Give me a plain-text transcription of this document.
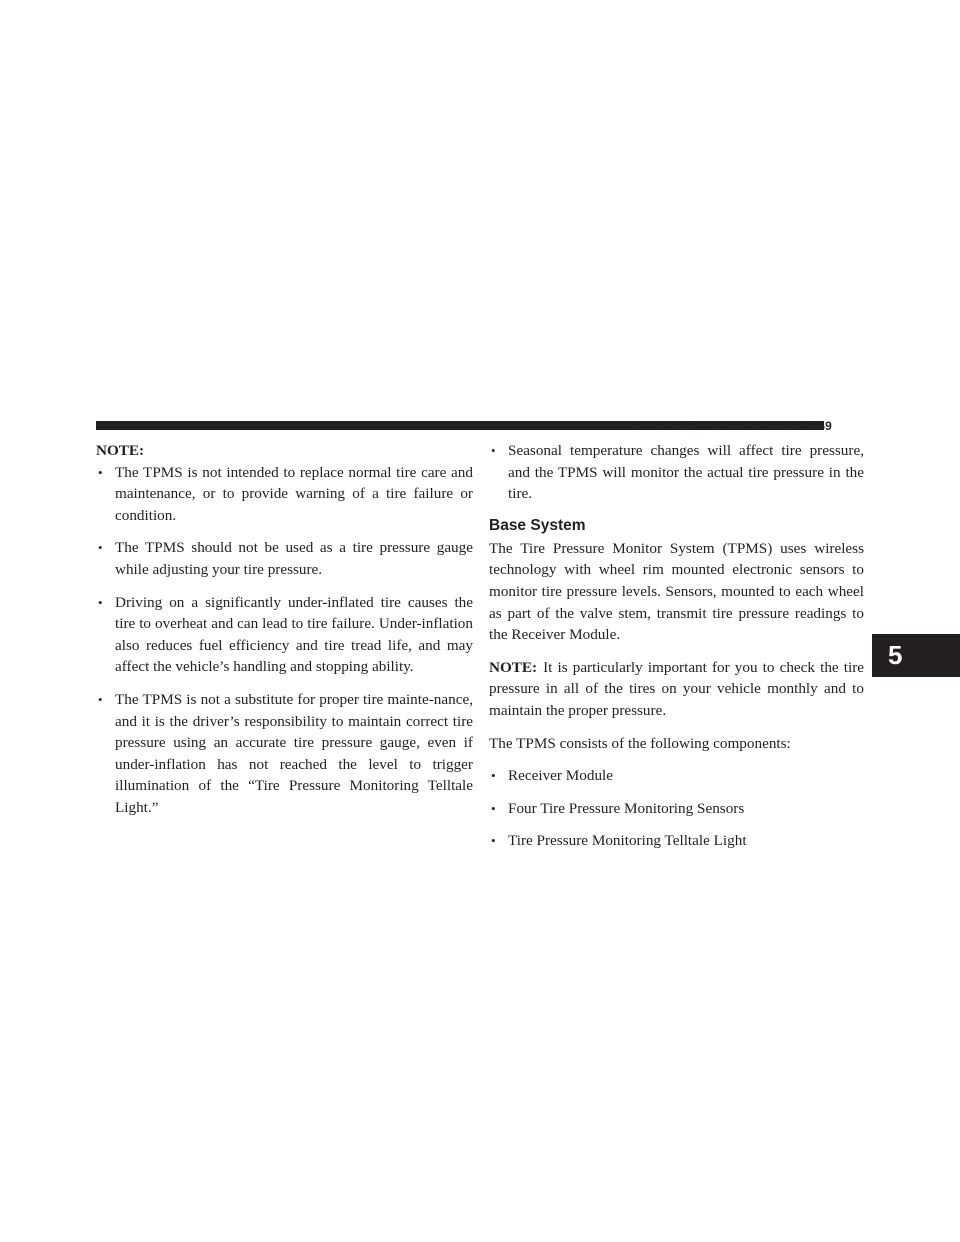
STARTING AND OPERATING 359

NOTE:

• The TPMS is not intended to replace normal tire care and maintenance, or to provide warning of a tire failure or condition.
• The TPMS should not be used as a tire pressure gauge while adjusting your tire pressure.
• Driving on a significantly under-inflated tire causes the tire to overheat and can lead to tire failure. Under-inflation also reduces fuel efficiency and tire tread life, and may affect the vehicle’s handling and stopping ability.
• The TPMS is not a substitute for proper tire mainte-nance, and it is the driver’s responsibility to maintain correct tire pressure using an accurate tire pressure gauge, even if under-inflation has not reached the level to trigger illumination of the “Tire Pressure Monitoring Telltale Light.”
• Seasonal temperature changes will affect tire pressure, and the TPMS will monitor the actual tire pressure in the tire.
Base System

The Tire Pressure Monitor System (TPMS) uses wireless technology with wheel rim mounted electronic sensors to monitor tire pressure levels. Sensors, mounted to each wheel as part of the valve stem, transmit tire pressure readings to the Receiver Module.

NOTE: It is particularly important for you to check the tire pressure in all of the tires on your vehicle monthly and to maintain the proper pressure.

The TPMS consists of the following components:

• Receiver Module
• Four Tire Pressure Monitoring Sensors
• Tire Pressure Monitoring Telltale Light
5
